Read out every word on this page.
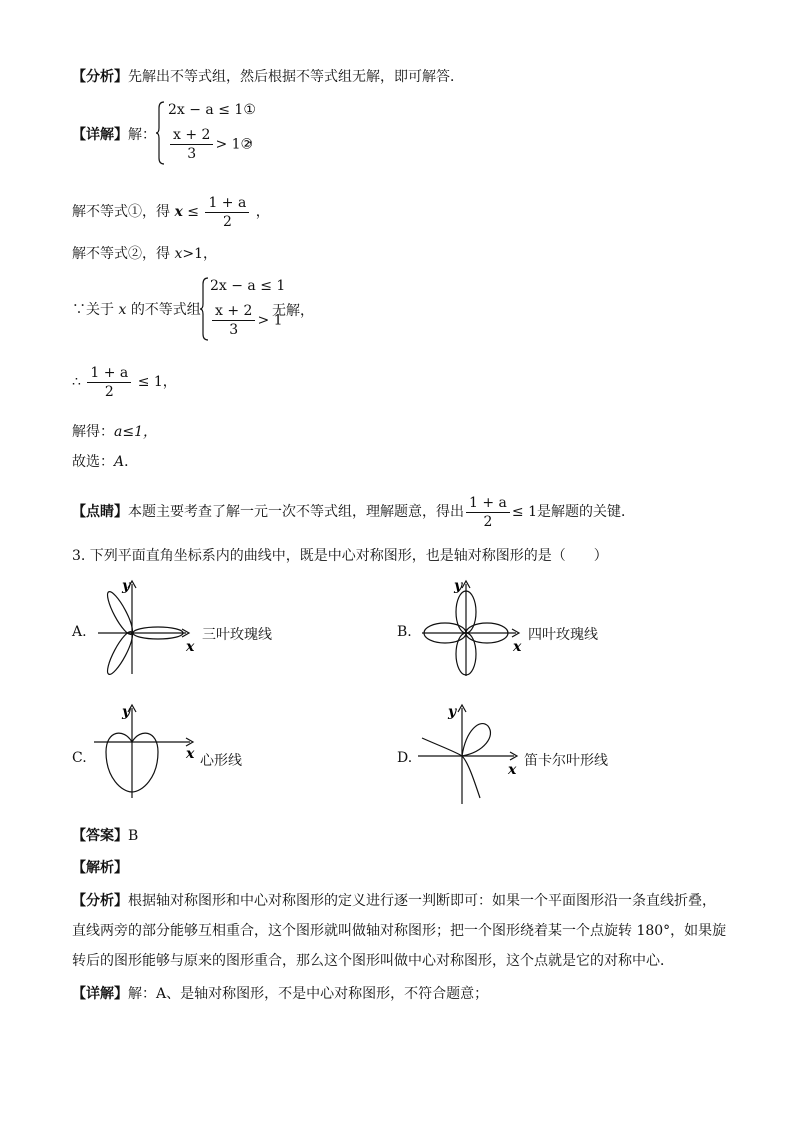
【分析】先解出不等式组，然后根据不等式组无解，即可解答．
【详解】解：
2x − a ≤ 1①
$\frac{x + 2}{3}$ > 1②
，
解不等式①，得 $x \le \frac{1 + a}{2}$ ，
解不等式②，得 x>1，
∵关于 x 的不等式组
2x − a ≤ 1
$\frac{x + 2}{3} > 1$
无解，
∴ $\frac{1 + a}{2} \le 1$，
解得：a≤1，
故选：A．
【点睛】本题主要考查了解一元一次不等式组，理解题意，得出 $\frac{1 + a}{2} \le 1$是解题的关键．
3. 下列平面直角坐标系内的曲线中，既是中心对称图形，也是轴对称图形的是（　　）
A.
y
x
三叶玫瑰线	B.
y
x
四叶玫瑰线
C.
y
x 心形线	D.
y
x
笛卡尔叶形线
【答案】B
【解析】
【分析】根据轴对称图形和中心对称图形的定义进行逐一判断即可：如果一个平面图形沿一条直线折叠，直线两旁的部分能够互相重合，这个图形就叫做轴对称图形；把一个图形绕着某一个点旋转 180°，如果旋转后的图形能够与原来的图形重合，那么这个图形叫做中心对称图形，这个点就是它的对称中心．
【详解】解：A、是轴对称图形，不是中心对称图形，不符合题意；
